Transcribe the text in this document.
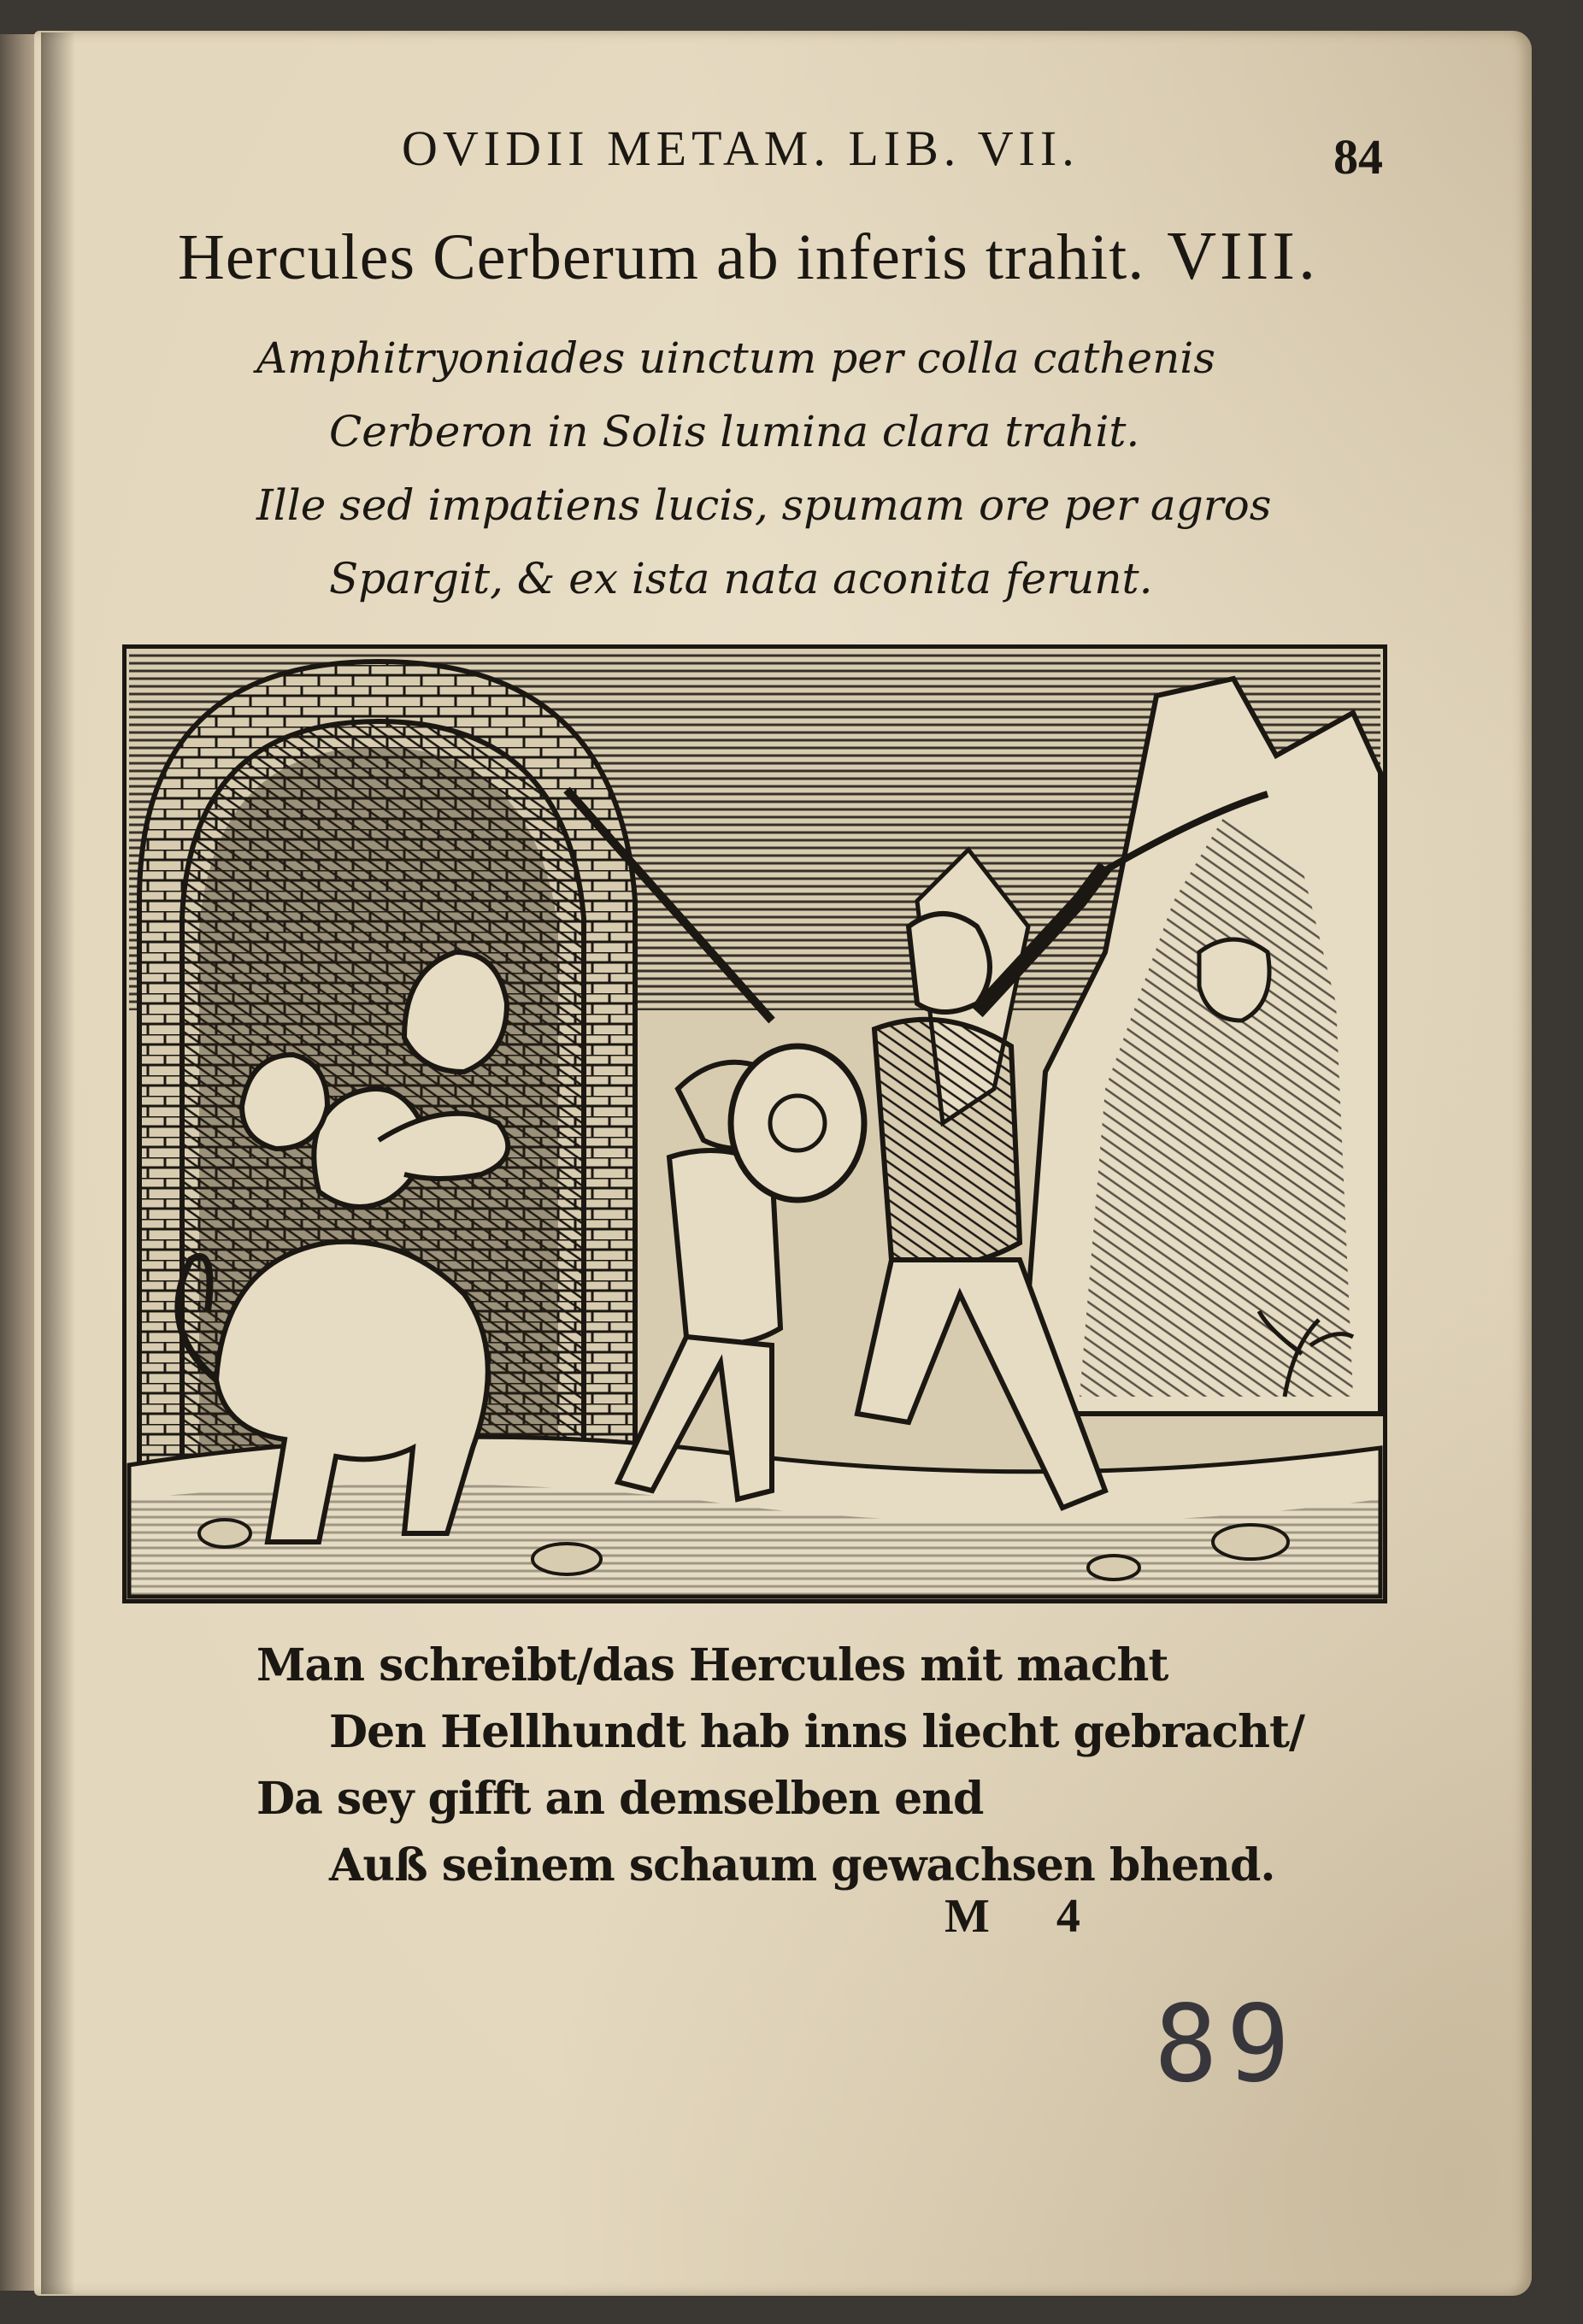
OVIDII METAM. LIB. VII.	84
Hercules Cerberum ab inferis trahit. VIII.
Amphitryoniades uinctum per colla cathenis
Cerberon in Solis lumina clara trahit.
Ille sed impatiens lucis, spumam ore per agros
Spargit, & ex ista nata aconita ferunt.
Man schreibt/das Hercules mit macht
Den Hellhundt hab inns liecht gebracht/
Da sey gifft an demselben end
Auß seinem schaum gewachsen bhend.
M 4
89
